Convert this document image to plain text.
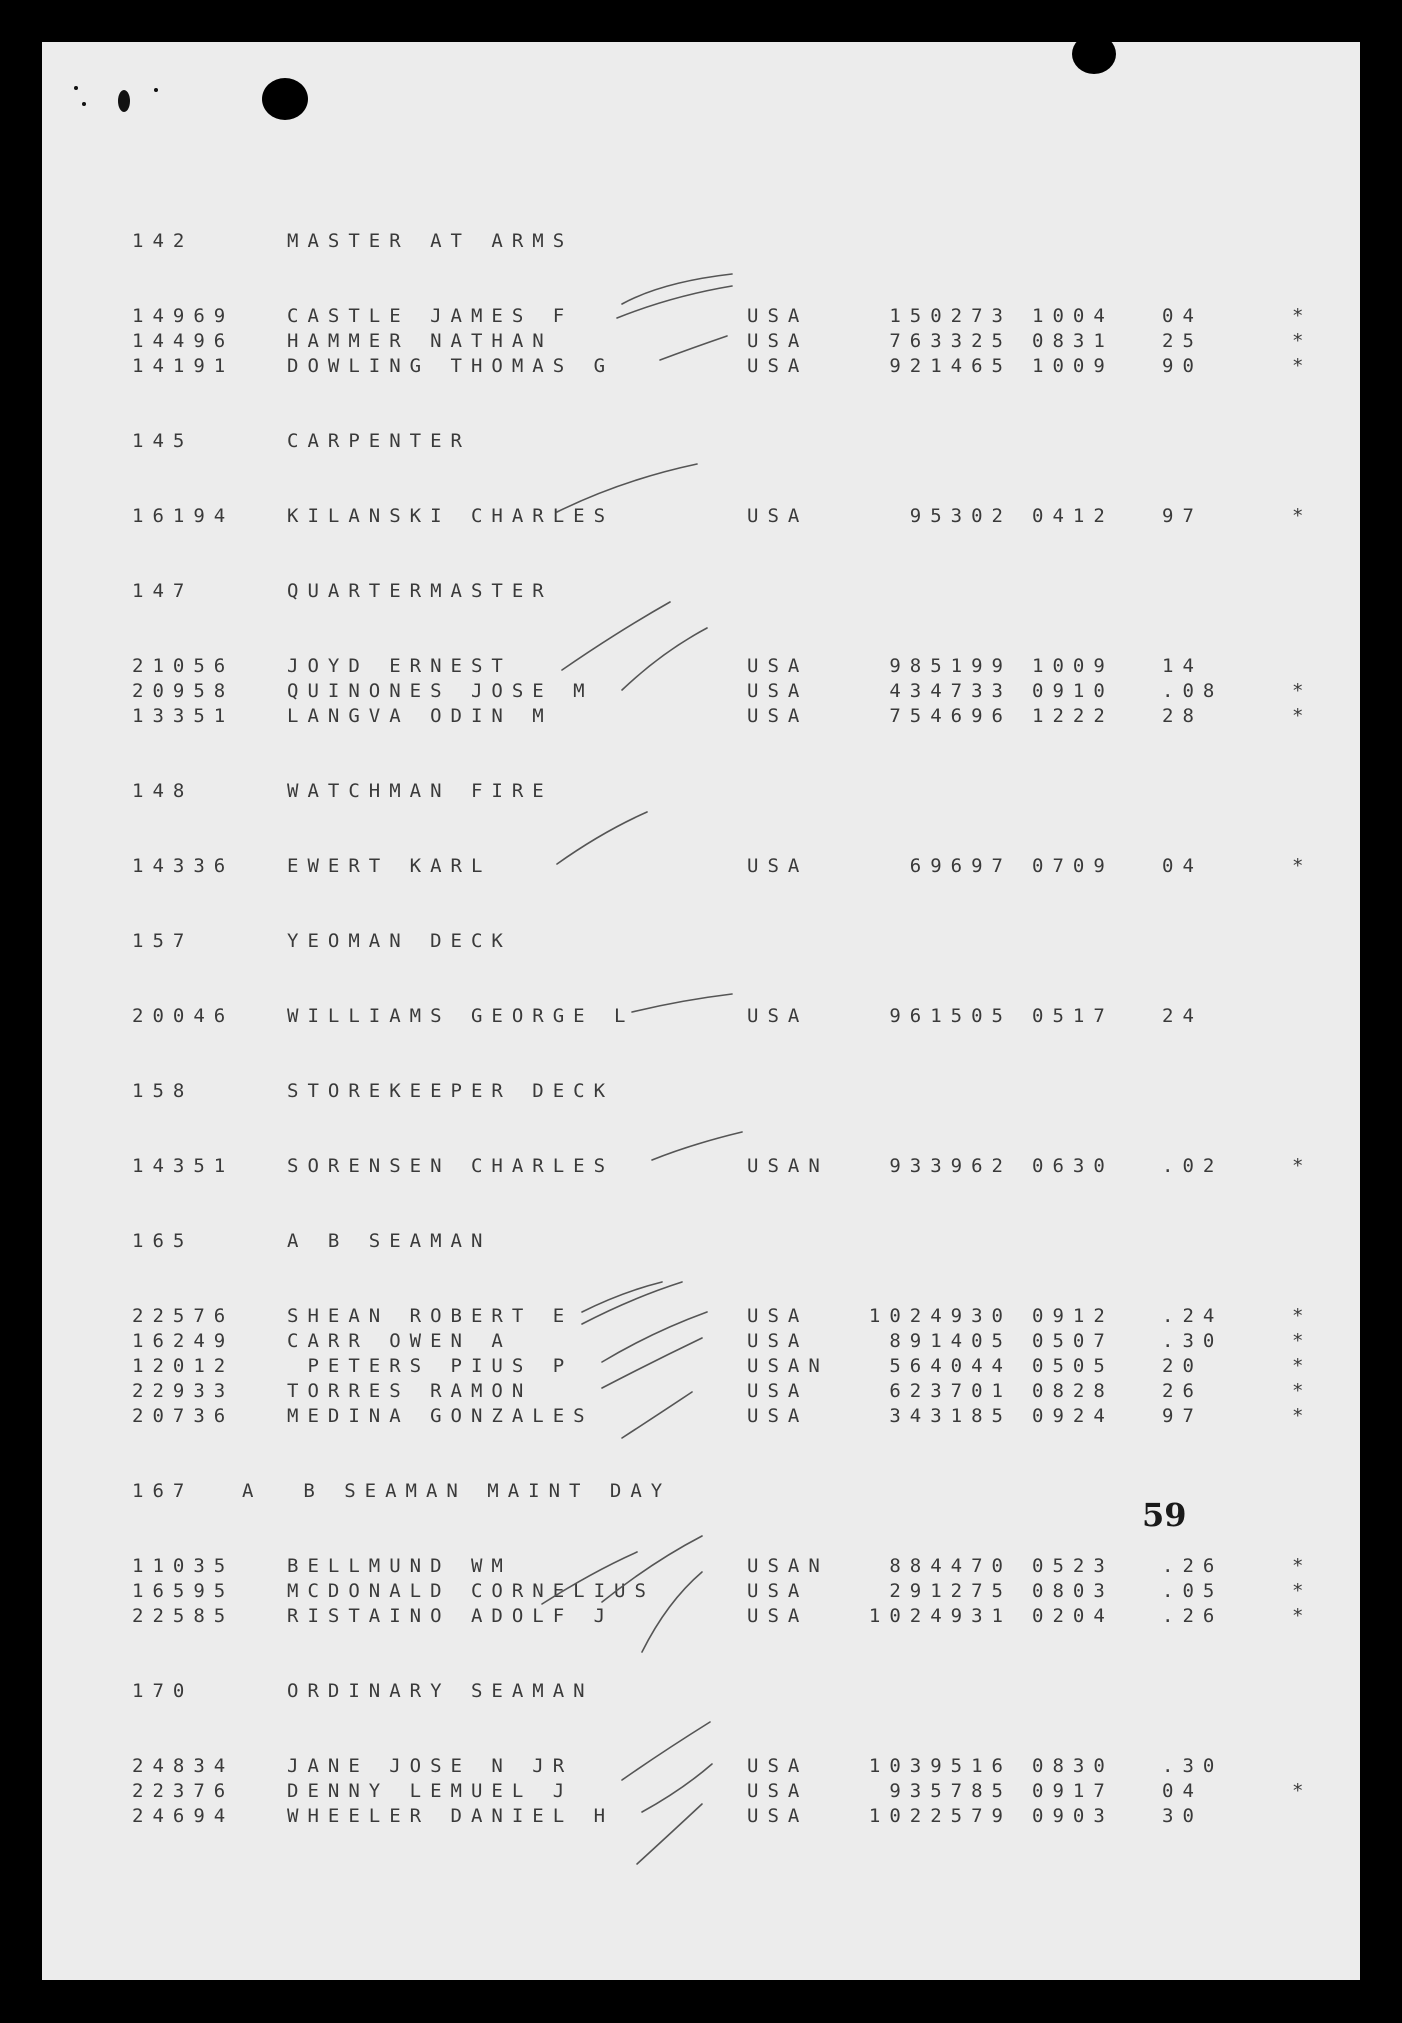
142	MASTER AT ARMS
14969	CASTLE JAMES F	USA	150273 1004	04	*
14496	HAMMER NATHAN	USA	763325 0831	25	*
14191	DOWLING THOMAS G	USA	921465 1009	90	*
145	CARPENTER
16194	KILANSKI CHARLES	USA	95302 0412	97	*
147	QUARTERMASTER
21056	JOYD ERNEST	USA	985199 1009	14
20958	QUINONES JOSE M	USA	434733 0910	.08	*
13351	LANGVA ODIN M	USA	754696 1222	28	*
148	WATCHMAN FIRE
14336	EWERT KARL	USA	69697 0709	04	*
157	YEOMAN DECK
20046	WILLIAMS GEORGE L	USA	961505 0517	24
158	STOREKEEPER DECK
14351	SORENSEN CHARLES	USAN	933962 0630	.02	*
165	A B SEAMAN
22576	SHEAN ROBERT E	USA	1024930 0912	.24	*
16249	CARR OWEN A	USA	891405 0507	.30	*
12012	PETERS PIUS P	USAN	564044 0505	20	*
22933	TORRES RAMON	USA	623701 0828	26	*
20736	MEDINA GONZALES	USA	343185 0924	97	*
167	A  B SEAMAN MAINT DAY
11035	BELLMUND WM	USAN	884470 0523	.26	*
16595	MCDONALD CORNELIUS	USA	291275 0803	.05	*
22585	RISTAINO ADOLF J	USA	1024931 0204	.26	*
170	ORDINARY SEAMAN
24834	JANE JOSE N JR	USA	1039516 0830	.30
22376	DENNY LEMUEL J	USA	935785 0917	04	*
24694	WHEELER DANIEL H	USA	1022579 0903	30
59
